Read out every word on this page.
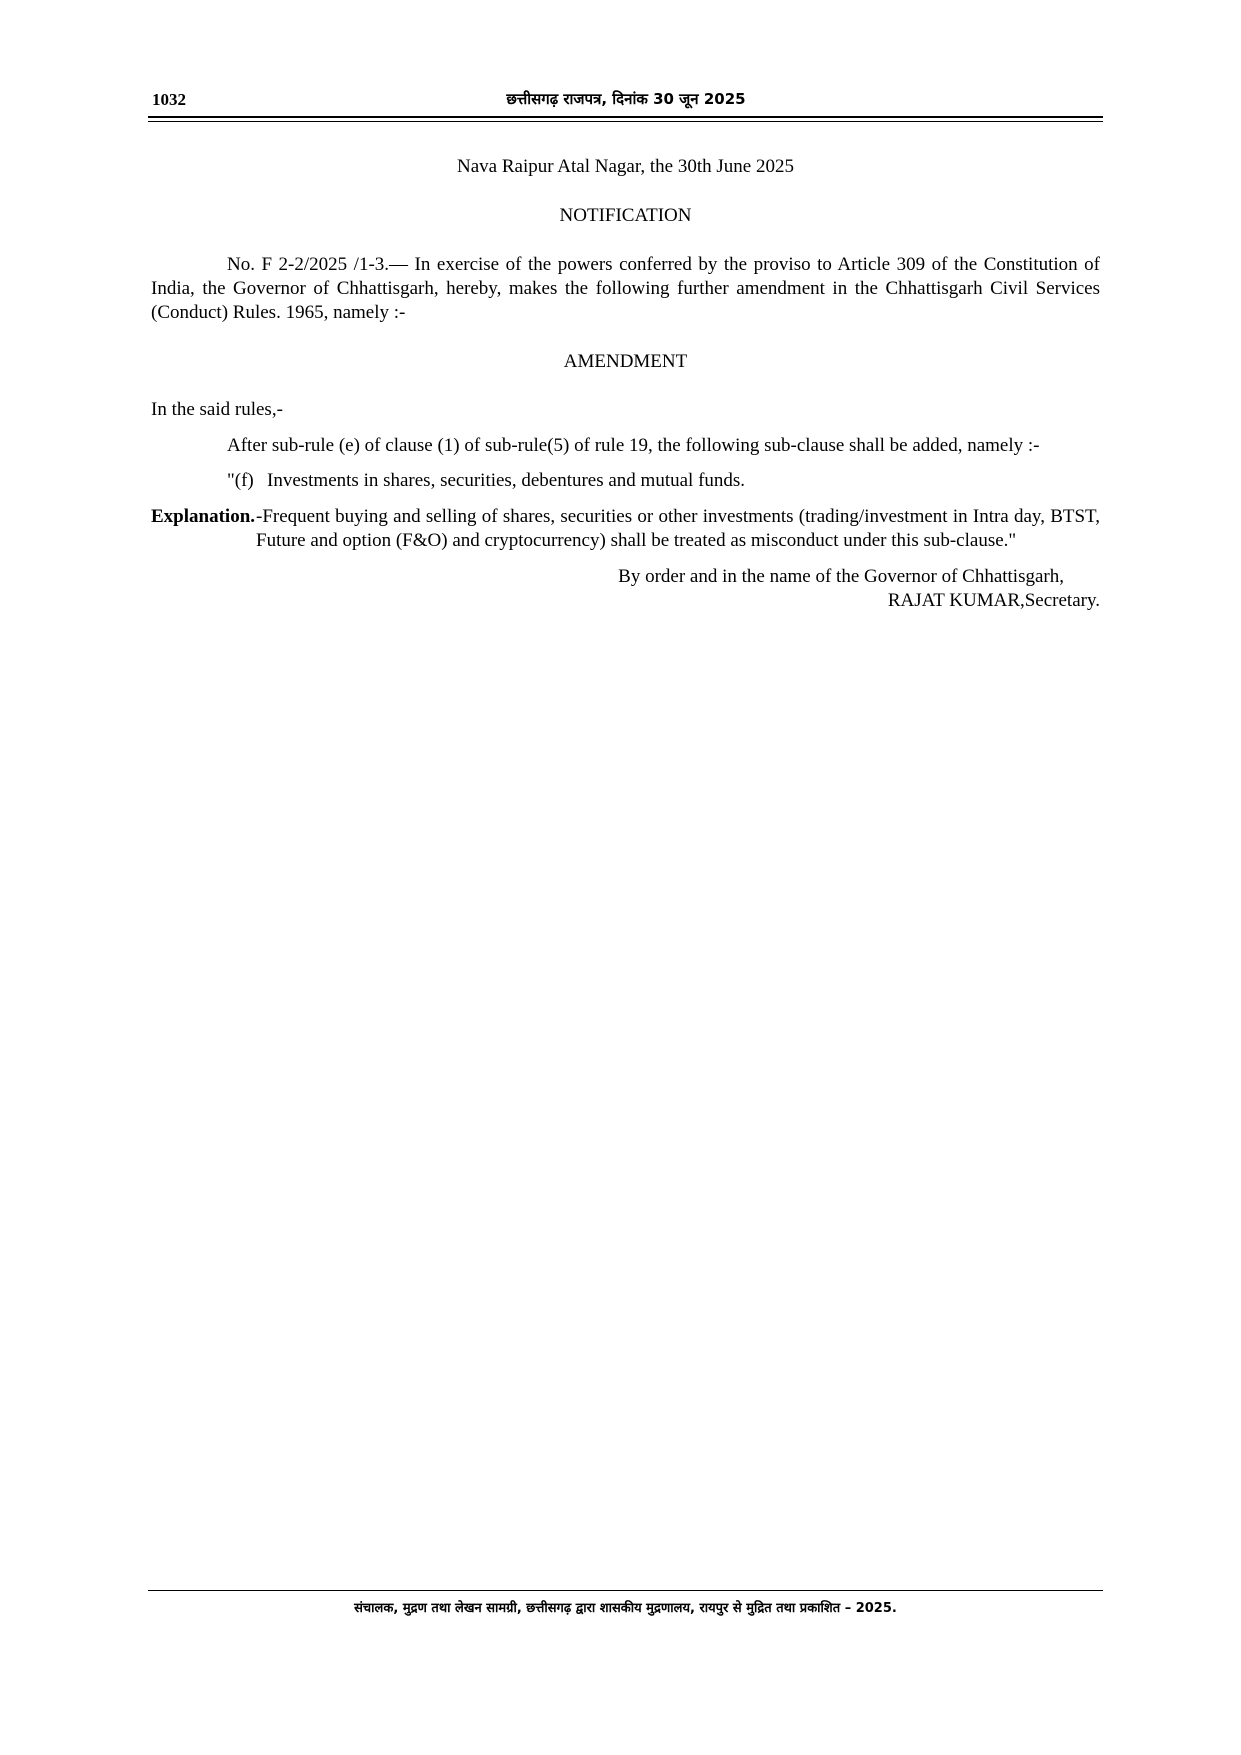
1032	छत्तीसगढ़ राजपत्र, दिनांक 30 जून 2025
Nava Raipur Atal Nagar, the 30th June 2025
NOTIFICATION
No. F 2-2/2025 /1-3.— In exercise of the powers conferred by the proviso to Article 309 of the Constitution of India, the Governor of Chhattisgarh, hereby, makes the following further amendment in the Chhattisgarh Civil Services (Conduct) Rules. 1965, namely :-
AMENDMENT
In the said rules,-
After sub-rule (e) of clause (1) of sub-rule(5) of rule 19, the following sub-clause shall be added, namely :-
"(f) Investments in shares, securities, debentures and mutual funds.
Explanation. -Frequent buying and selling of shares, securities or other investments (trading/investment in Intra day, BTST, Future and option (F&O) and cryptocurrency) shall be treated as misconduct under this sub-clause."
By order and in the name of the Governor of Chhattisgarh,
RAJAT KUMAR,Secretary.
संचालक, मुद्रण तथा लेखन सामग्री, छत्तीसगढ़ द्वारा शासकीय मुद्रणालय, रायपुर से मुद्रित तथा प्रकाशित – 2025.
